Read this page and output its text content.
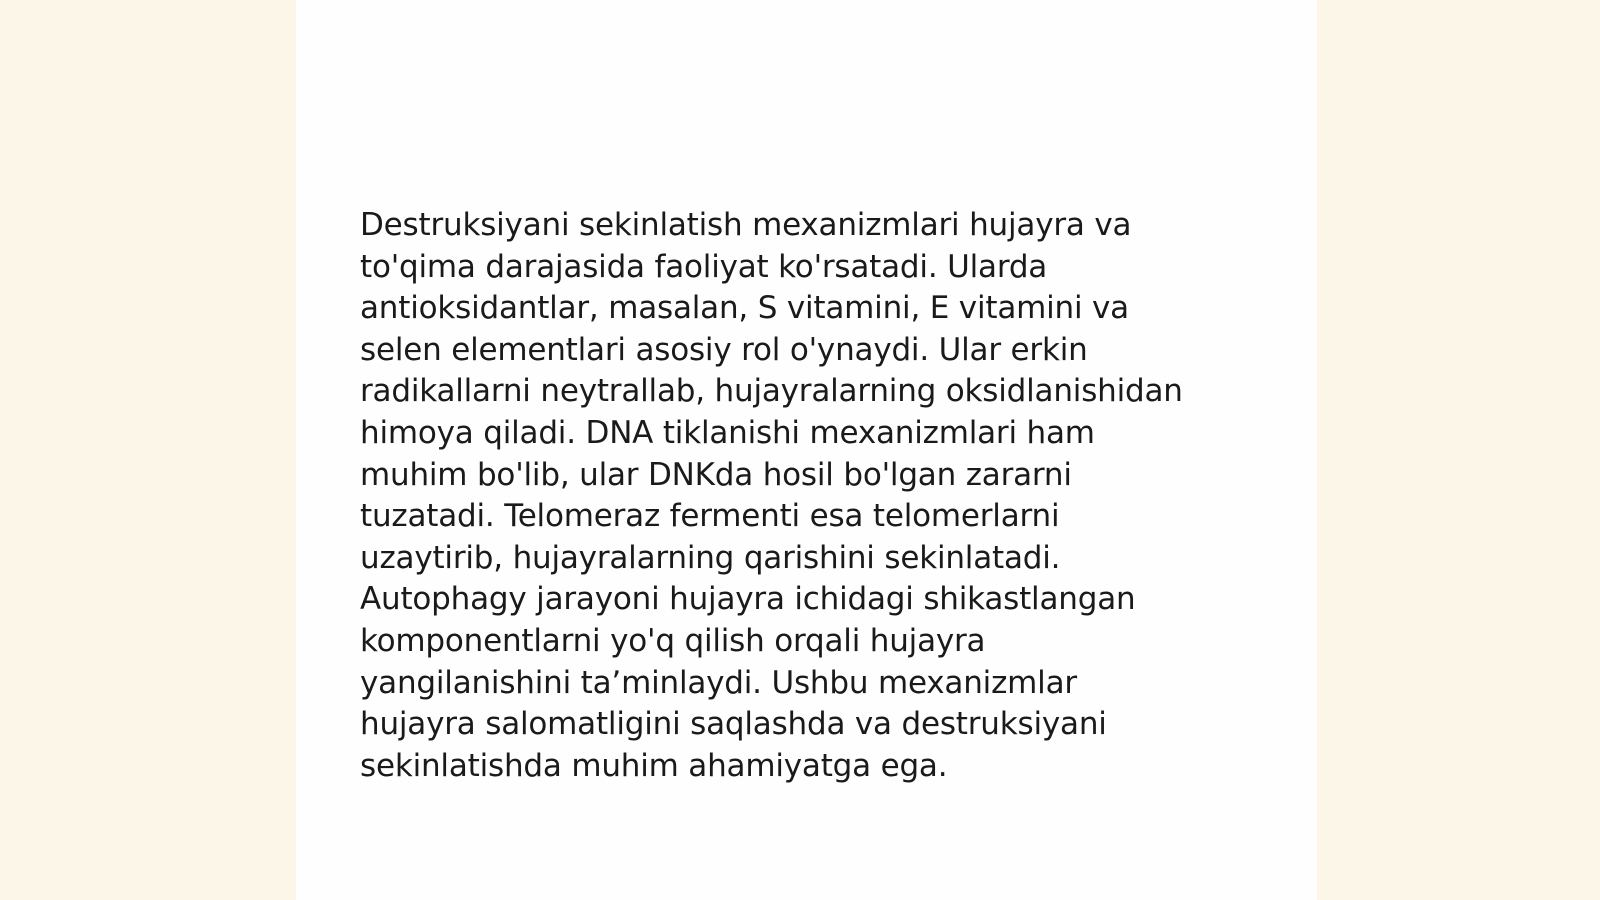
Destruksiyani sekinlatish mexanizmlari hujayra va
to'qima darajasida faoliyat ko'rsatadi. Ularda
antioksidantlar, masalan, S vitamini, E vitamini va
selen elementlari asosiy rol o'ynaydi. Ular erkin
radikallarni neytrallab, hujayralarning oksidlanishidan
himoya qiladi. DNA tiklanishi mexanizmlari ham
muhim bo'lib, ular DNKda hosil bo'lgan zararni
tuzatadi. Telomeraz fermenti esa telomerlarni
uzaytirib, hujayralarning qarishini sekinlatadi.
Autophagy jarayoni hujayra ichidagi shikastlangan
komponentlarni yo'q qilish orqali hujayra
yangilanishini ta’minlaydi. Ushbu mexanizmlar
hujayra salomatligini saqlashda va destruksiyani
sekinlatishda muhim ahamiyatga ega.
